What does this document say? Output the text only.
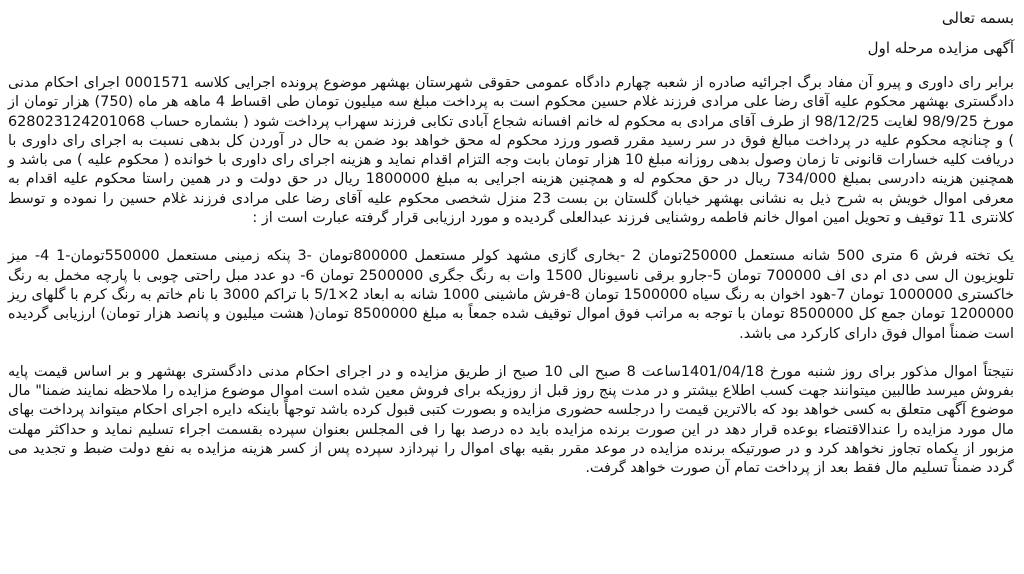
بسمه تعالی

آگهی مزایده مرحله اول

برابر رای داوری و پیرو آن مفاد برگ اجرائیه صادره از شعبه چهارم دادگاه عمومی حقوقی شهرستان بهشهر موضوع پرونده اجرایی کلاسه 0001571 اجرای احکام مدنی دادگستری بهشهر محکوم علیه آقای رضا علی مرادی فرزند غلام حسین محکوم است به پرداخت مبلغ سه میلیون تومان طی اقساط 4 ماهه هر ماه (750) هزار تومان از مورخ 98/9/25 لغایت 98/12/25 از طرف آقای مرادی به محکوم له خانم افسانه شجاع آبادی تکابی فرزند سهراب پرداخت شود ( بشماره حساب 628023124201068 ) و چنانچه محکوم علیه در پرداخت مبالغ فوق در سر رسید مقرر قصور ورزد محکوم له محق خواهد بود ضمن به حال در آوردن کل بدهی نسبت به اجرای رای داوری با دریافت کلیه خسارات قانونی تا زمان وصول بدهی روزانه مبلغ 10 هزار تومان بابت وجه التزام اقدام نماید و هزینه اجرای رای داوری با خوانده ( محکوم علیه ) می باشد و همچنین هزینه دادرسی بمبلغ 734/000 ریال در حق محکوم له و همچنین هزینه اجرایی به مبلغ 1800000 ریال در حق دولت و در همین راستا محکوم علیه اقدام به معرفی اموال خویش به شرح ذیل به نشانی بهشهر خیابان گلستان بن بست 23 منزل شخصی محکوم علیه آقای رضا علی مرادی فرزند غلام حسین را نموده و توسط کلانتری 11 توقیف و تحویل امین اموال خانم فاطمه روشنایی فرزند عبدالعلی گردیده و مورد ارزیابی قرار گرفته عبارت است از :

یک تخته فرش 6 متری 500 شانه مستعمل 250000تومان 2 -بخاری گازی مشهد کولر مستعمل 800000تومان -3 پنکه زمینی مستعمل 550000تومان-1 4- میز تلویزیون ال سی دی ام دی اف 700000 تومان 5-جارو برقی ناسیونال 1500 وات به رنگ جگری 2500000 تومان 6- دو عدد مبل راحتی چوبی با پارچه مخمل به رنگ خاکستری 1000000 تومان 7-هود اخوان به رنگ سیاه 1500000 تومان 8-فرش ماشینی 1000 شانه به ابعاد 2×5/1 با تراکم 3000 با نام خاتم به رنگ کرم با گلهای ریز 1200000 تومان جمع کل 8500000 تومان با توجه به مراتب فوق اموال توقیف شده جمعاً به مبلغ 8500000 تومان( هشت میلیون و پانصد هزار تومان) ارزیابی گردیده است ضمناً اموال فوق دارای کارکرد می باشد.

نتیجتاً اموال مذکور برای روز شنبه مورخ 1401/04/18ساعت 8 صبح الی 10 صبح از طریق مزایده و در اجرای احکام مدنی دادگستری بهشهر و بر اساس قیمت پایه بفروش میرسد طالبین میتوانند جهت کسب اطلاع بیشتر و در مدت پنج روز قبل از روزیکه برای فروش معین شده است اموال موضوع مزایده را ملاحظه نمایند ضمنا" مال موضوع آگهی متعلق به کسی خواهد بود که بالاترین قیمت را درجلسه حضوری مزایده و بصورت کتبی قبول کرده باشد توجهاً باینکه دایره اجرای احکام میتواند پرداخت بهای مال مورد مزایده را عندالاقتضاء بوعده قرار دهد در این صورت برنده مزایده باید ده درصد بها را فی المجلس بعنوان سپرده بقسمت اجراء تسلیم نماید و حداکثر مهلت مزبور از یکماه تجاوز نخواهد کرد و در صورتیکه برنده مزایده در موعد مقرر بقیه بهای اموال را نپردازد سپرده پس از کسر هزینه مزایده به نفع دولت ضبط و تجدید می گردد ضمناً تسلیم مال فقط بعد از پرداخت تمام آن صورت خواهد گرفت.
